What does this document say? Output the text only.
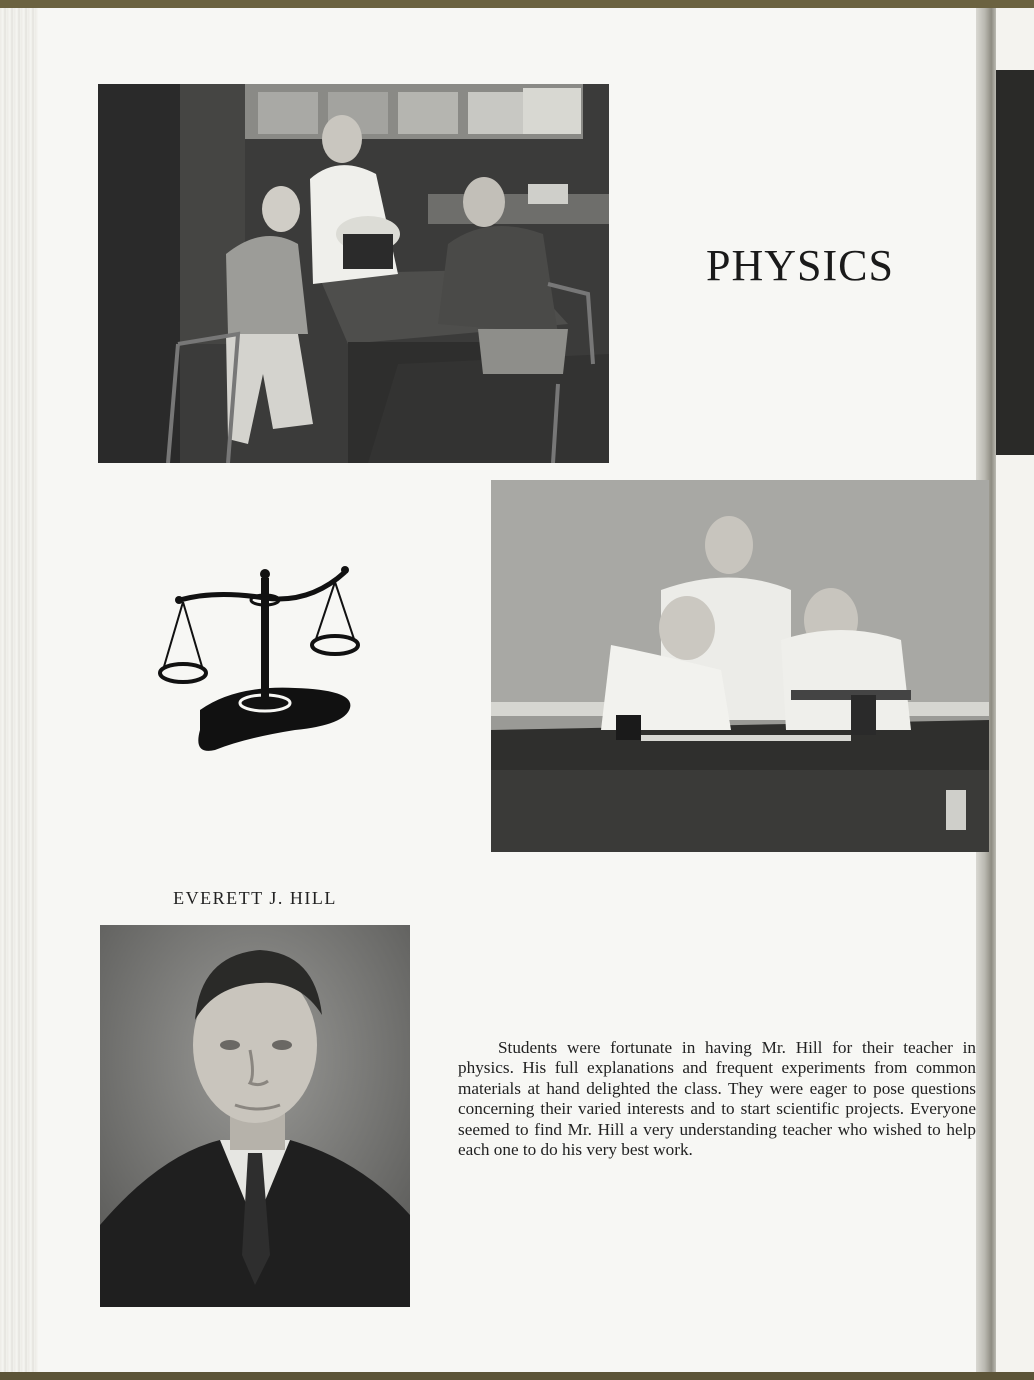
PHYSICS
EVERETT J. HILL

Students were fortunate in having Mr. Hill for their teacher in physics. His full explanations and frequent experiments from common materials at hand delighted the class. They were eager to pose questions concerning their varied interests and to start scientific projects. Everyone seemed to find Mr. Hill a very understanding teacher who wished to help each one to do his very best work.
